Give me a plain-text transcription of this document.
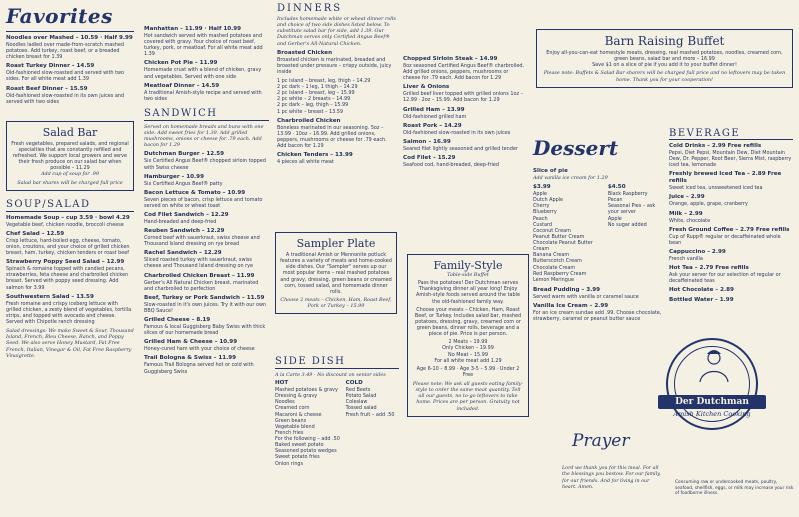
Favorites
Noodles over Mashed – 10.59 · Half 9.99
Noodles ladled over made-from-scratch mashed potatoes. Add turkey, roast beef, or a breaded chicken breast for 1.39
Roast Turkey Dinner – 14.59
Old-fashioned slow-roasted and served with two sides. For all white meat add 1.39
Roast Beef Dinner – 15.59
Old-fashioned slow-roasted in its own juices and served with two sides
Salad Bar
Fresh vegetables, prepared salads, and regional specialties that are constantly refilled and refreshed. We support local growers and serve their fresh produce on our salad bar when possible – 11.29
Add cup of soup for .99
Salad bar shares will be charged full price
SOUP/SALAD
Homemade Soup – cup 3.59 · bowl 4.29
Vegetable beef, chicken noodle, broccoli cheese
Chef Salad – 12.59
Crisp lettuce, hard-boiled egg, cheese, tomato, onion, croutons, and your choice of grilled chicken breast, ham, turkey, chicken tenders or roast beef
Strawberry Poppy Seed Salad – 12.99
Spinach & romaine topped with candied pecans, strawberries, feta cheese and charbroiled chicken breast. Served with poppy seed dressing. Add salmon for 3.99
Southwestern Salad – 13.59
Fresh romaine and crispy iceberg lettuce with grilled chicken, a zesty blend of vegetables, tortilla strips, and topped with avocado and cheese. Served with Chipotle ranch dressing
Salad dressings: We make Sweet & Sour, Thousand Island, French, Bleu Cheese, Ranch, and Poppy Seed. We also serve Honey Mustard, Fat Free French, Italian, Vinegar & Oil, Fat Free Raspberry Vinaigrette.
Manhattan – 11.99 · Half 10.99
Hot sandwich served with mashed potatoes and covered with gravy. Your choice of roast beef, turkey, pork, or meatloaf. For all white meat add 1.39
Chicken Pot Pie – 11.99
Homemade crust with a blend of chicken, gravy and vegetables. Served with one side
Meatloaf Dinner – 14.59
A traditional Amish-style recipe and served with two sides
SANDWICH
Served on homemade breads and buns with one side. Add sweet fries for 1.39. Add grilled mushrooms, onions or cheese for .79 each. Add bacon for 1.29
Dutchman Burger – 12.59
Six Certified Angus Beef® chopped sirloin topped with Swiss cheese
Hamburger – 10.99
Six Certified Angus Beef® patty
Bacon Lettuce & Tomato – 10.99
Seven pieces of bacon, crisp lettuce and tomato served on white or wheat toast
Cod Filet Sandwich – 12.29
Hand-breaded and deep-fried
Reuben Sandwich – 12.29
Corned beef with sauerkraut, swiss cheese and Thousand Island dressing on rye bread
Rachel Sandwich – 12.29
Sliced roasted turkey with sauerkraut, swiss cheese and Thousand Island dressing on rye
Charbroiled Chicken Breast – 11.99
Gerber's All Natural Chicken breast, marinated and charbroiled to perfection
Beef, Turkey or Pork Sandwich – 11.59
Slow-roasted in it's own juices. Try it with our own BBQ Sauce!
Grilled Cheese – 8.19
Famous & local Guggisberg Baby Swiss with thick slices of our homemade bread
Grilled Ham & Cheese – 10.99
Honey-cured ham with your choice of cheese
Trail Bologna & Swiss – 11.99
Famous Trail Bologna served hot or cold with Guggisberg Swiss
DINNERS
Includes homemade white or wheat dinner rolls and choice of two side dishes listed below. To substitute salad bar for side, add 1.39. Our Dutchman serves only Certified Angus Beef® and Gerber's All-Natural Chicken.
Broasted Chicken
Broasted chicken is marinated, breaded and broasted under pressure – crispy outside, juicy inside
1 pc island – breast, leg, thigh – 14.29
2 pc dark – 1 leg, 1 thigh – 14.29
2 pc island – breast, leg – 15.99
2 pc white – 2 breasts – 14.99
2 pc dark – leg, thigh – 15.99
1 pc white – breast – 13.59
Charbroiled Chicken
Boneless marinated in our seasoning. 5oz – 13.99 · 10oz – 16.99. Add grilled onions, peppers, mushrooms or cheese for .79 each. Add bacon for 1.29
Chicken Tenders – 13.99
4 pieces all white meat
Sampler Plate
A traditional Amish or Mennonite potluck features a variety of meats and home-cooked side dishes. Our "Sampler" serves up our most popular items – real mashed potatoes and gravy, dressing, green beans or creamed corn, tossed salad, and homemade dinner rolls.
Choose 2 meats – Chicken, Ham, Roast Beef, Pork or Turkey – 15.99
SIDE DISH
A la Carte 3.49 · No discount on senior sides
HOT
Mashed potatoes & gravy
Dressing & gravy
Noodles
Creamed corn
Macaroni & cheese
Green beans
Vegetable blend
French fries
For the following – add .50
Baked sweet potato
Seasoned potato wedges
Sweet potato fries
Onion rings
COLD
Red Beets
Potato Salad
Coleslaw
Tossed salad
Fresh fruit – add .50
Chopped Sirloin Steak – 14.99
8oz seasoned Certified Angus Beef® charbroiled. Add grilled onions, peppers, mushrooms or cheese for .79 each. Add bacon for 1.29
Liver & Onions
Grilled beef liver topped with grilled onions 1oz – 12.99 · 2oz – 15.99. Add bacon for 1.29
Grilled Ham – 13.99
Old-fashioned grilled ham
Roast Pork – 14.29
Old-fashioned slow-roasted in its own juices
Salmon – 16.99
Seared filet lightly seasoned and grilled tender
Cod Filet – 15.29
Seafood cod, hand-breaded, deep-fried
Family-Style
Table-side Buffet
Pass the potatoes! Der Dutchman serves Thanksgiving dinner all year long! Enjoy Amish-style foods served around the table the old-fashioned family way.
Choose your meats – Chicken, Ham, Roast Beef, or Turkey. Includes salad bar, mashed potatoes, dressing, gravy, creamed corn or green beans, dinner rolls, beverage and a piece of pie. Price is per person.
2 Meats – 19.99
Only Chicken – 19.99
No Meat – 15.99
For all white meat add 1.29
Age 6-10 – 8.99 · Age 3-5 – 5.99 · Under 2 Free
Please note: We ask all guests eating family-style to order the same meat quantity. Tell all our guests, no to-go leftovers to take home. Prices are per person. Gratuity not included.
Barn Raising Buffet
Enjoy all-you-can-eat homestyle meats, dressing, real mashed potatoes, noodles, creamed corn, green beans, salad bar and more – 16.99
Save $1 on a slice of pie if you add it to your buffet dinner!
Please note: Buffets & Salad Bar sharers will be charged full price and no leftovers may be taken home. Thank you for your cooperation!
Dessert
Slice of pie
Add vanilla ice cream for 1.29
$3.99
Apple
Dutch Apple
Cherry
Blueberry
Peach
Custard
Coconut Cream
Peanut Butter Cream
Chocolate Peanut Butter Cream
Banana Cream
Butterscotch Cream
Chocolate Cream
Red Raspberry Cream
Lemon Meringue
$4.50
Black Raspberry
Pecan
Seasonal Pies – ask your server
Apple
No sugar added
Bread Pudding – 3.99
Served warm with vanilla or caramel sauce
Vanilla Ice Cream – 2.99
For an ice cream sundae add .99. Choose chocolate, strawberry, caramel or peanut butter sauce
BEVERAGE
Cold Drinks – 2.99 Free refills
Pepsi, Diet Pepsi, Mountain Dew, Diet Mountain Dew, Dr. Pepper, Root Beer, Sierra Mist, raspberry iced tea, lemonade
Freshly brewed Iced Tea – 2.89 Free refills
Sweet iced tea, unsweetened iced tea
Juice – 2.99
Orange, apple, grape, cranberry
Milk – 2.99
White, chocolate
Fresh Ground Coffee – 2.79 Free refills
Cup of Rupp® regular or decaffeinated whole bean
Cappuccino – 2.99
French vanilla
Hot Tea – 2.79 Free refills
Ask your server for our selection of regular or decaffeinated teas
Hot Chocolate – 2.89
Bottled Water – 1.99
Der Dutchman
Amish Kitchen Cooking
Prayer
Lord we thank you for this meal. For all the blessings you bestow. For our family, for our friends. And for living in our heart. Amen.
Consuming raw or undercooked meats, poultry, seafood, shellfish, eggs, or milk may increase your risk of foodborne illness.
